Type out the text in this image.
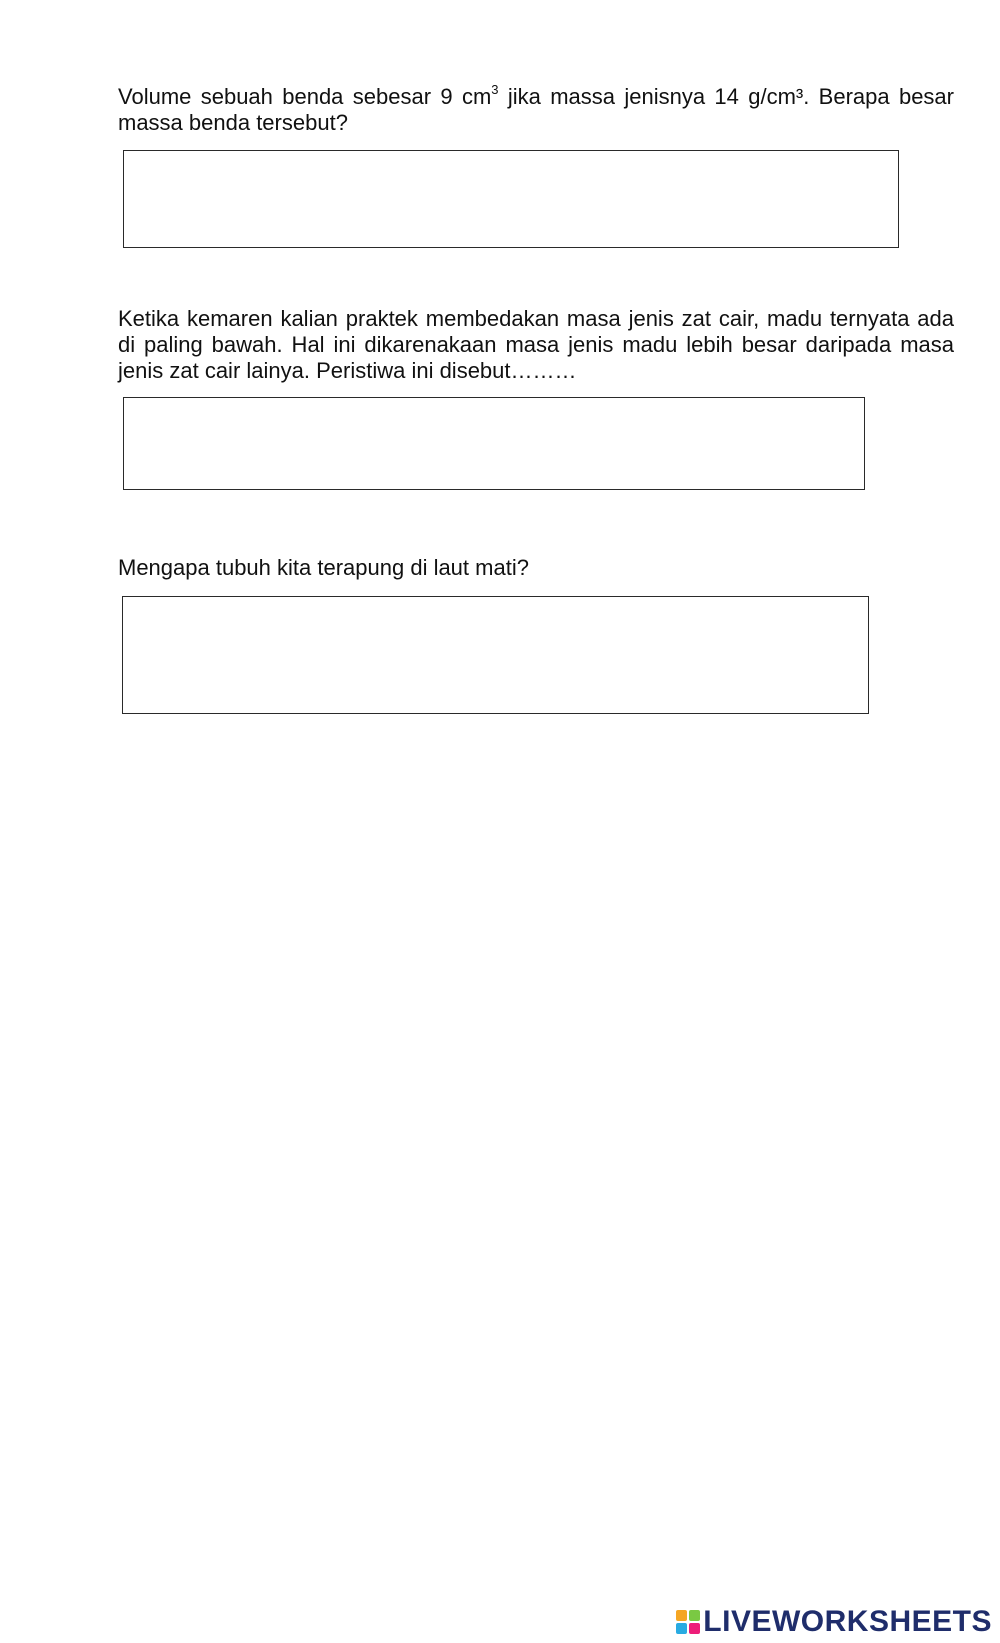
Volume sebuah benda sebesar 9 $cm^3$ jika massa jenisnya 14 g/cm³. Berapa besar massa benda tersebut?

Ketika kemaren kalian praktek membedakan masa jenis zat cair, madu ternyata ada di paling bawah. Hal ini dikarenakaan masa jenis madu lebih besar daripada masa jenis zat cair lainya. Peristiwa ini disebut………

Mengapa tubuh kita terapung di laut mati?

LIVEWORKSHEETS
